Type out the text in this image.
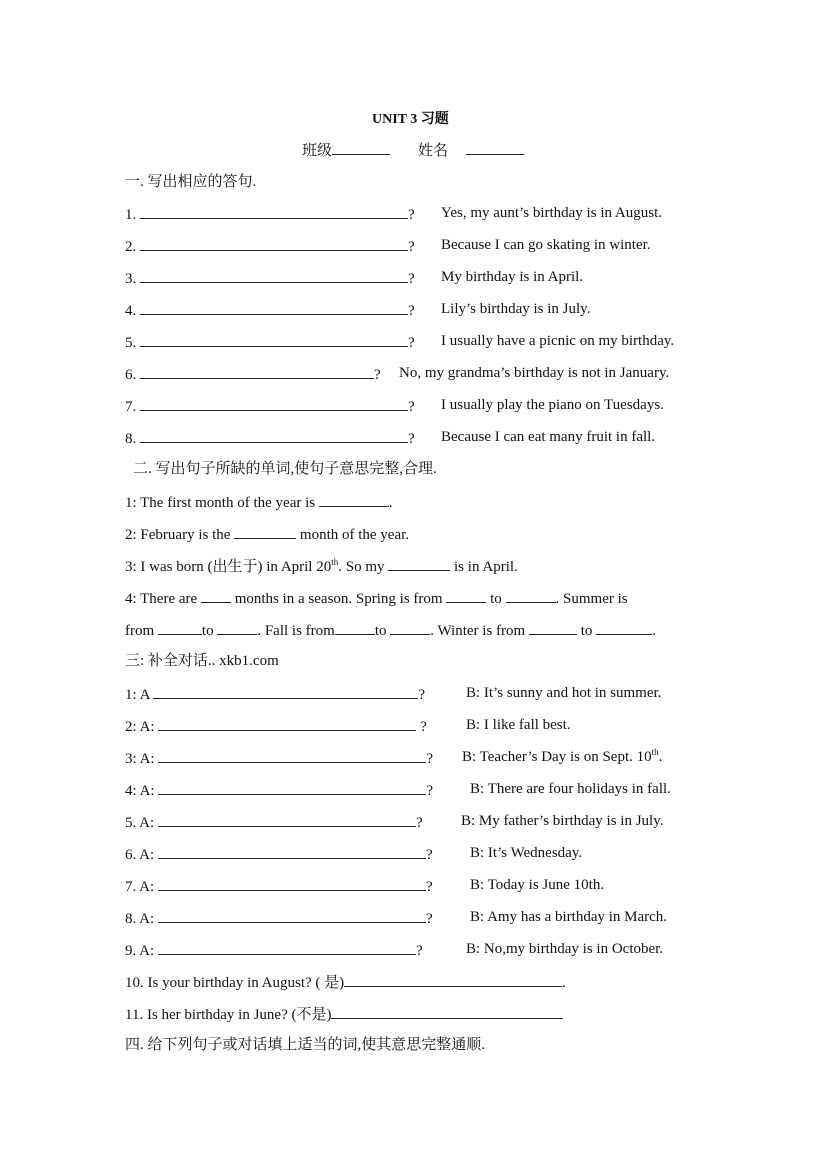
UNIT 3 习题
班级	姓名
一. 写出相应的答句.
1.	? Yes, my aunt’s birthday is in August.
2.	? Because I can go skating in winter.
3.	? My birthday is in April.
4.	? Lily’s birthday is in July.
5.	? I usually have a picnic on my birthday.
6.	? No, my grandma’s birthday is not in January.
7.	? I usually play the piano on Tuesdays.
8.	? Because I can eat many fruit in fall.
二. 写出句子所缺的单词,使句子意思完整,合理.
1: The first month of the year is	.
2: February is the	month of the year.
3: I was born (出生于) in April 20th. So my	is in April.
4: There are  months in a season. Spring is from	to	. Summer is
from	to	. Fall is from	to	. Winter is from	to	.
三: 补全对话.. xkb1.com
1: A	?	B: It’s sunny and hot in summer.
2: A:	?	B: I like fall best.
3: A:	? B: Teacher’s Day is on Sept. 10th.
4: A:	? B: There are four holidays in fall.
5. A:	?	B: My father’s birthday is in July.
6. A:	? B: It’s Wednesday.
7. A:	? B: Today is June 10th.
8. A:	? B: Amy has a birthday in March.
9. A:	?	B: No,my birthday is in October.
10. Is your birthday in August? ( 是)	.
11. Is her birthday in June? (不是)
四. 给下列句子或对话填上适当的词,使其意思完整通顺.
